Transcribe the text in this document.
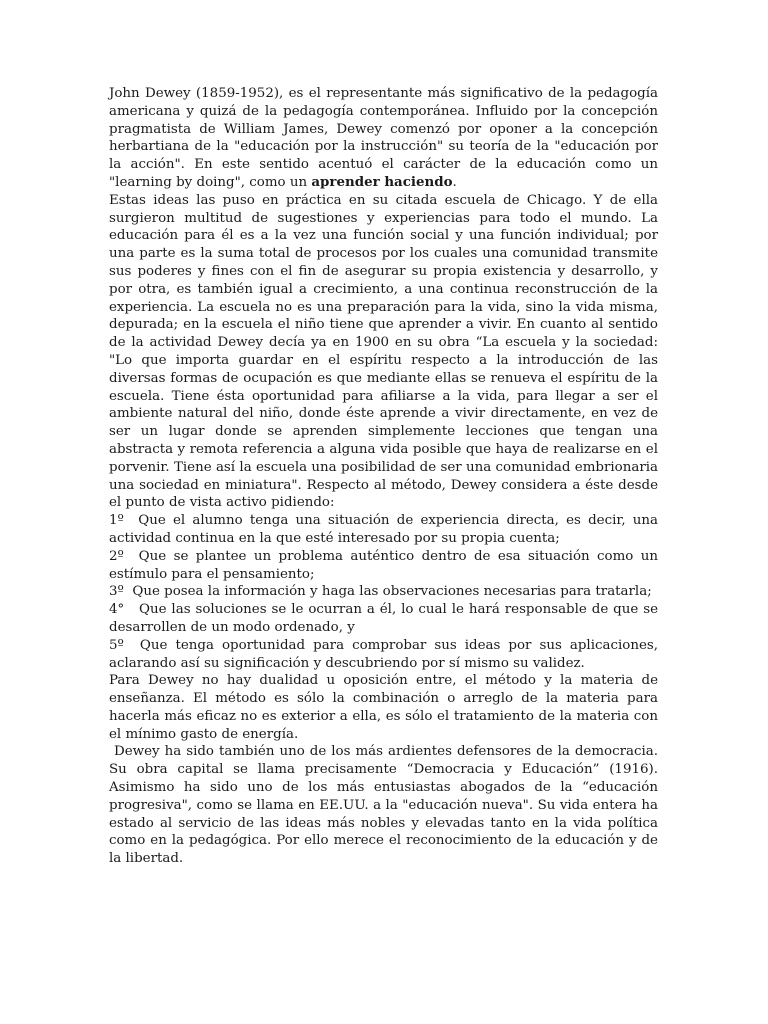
John Dewey (1859-1952), es el representante más significativo de la pedagogía americana y quizá de la pedagogía contemporánea. Influido por la concepción pragmatista de William James, Dewey comenzó por oponer a la concepción herbartiana de la "educación por la instrucción" su teoría de la "educación por la acción". En este sentido acentuó el carácter de la educación como un "learning by doing", como un aprender haciendo.

Estas ideas las puso en práctica en su citada escuela de Chicago. Y de ella surgieron multitud de sugestiones y experiencias para todo el mundo. La educación para él es a la vez una función social y una función individual; por una parte es la suma total de procesos por los cuales una comunidad transmite sus poderes y fines con el fin de asegurar su propia existencia y desarrollo, y por otra, es también igual a crecimiento, a una continua reconstrucción de la experiencia. La escuela no es una preparación para la vida, sino la vida misma, depurada; en la escuela el niño tiene que aprender a vivir. En cuanto al sentido de la actividad Dewey decía ya en 1900 en su obra “La escuela y la sociedad: "Lo que importa guardar en el espíritu respecto a la introducción de las diversas formas de ocupación es que mediante ellas se renueva el espíritu de la escuela. Tiene ésta oportunidad para afiliarse a la vida, para llegar a ser el ambiente natural del niño, donde éste aprende a vivir directamente, en vez de ser un lugar donde se aprenden simplemente lecciones que tengan una abstracta y remota referencia a alguna vida posible que haya de realizarse en el porvenir. Tiene así la escuela una posibilidad de ser una comunidad embrionaria una sociedad en miniatura". Respecto al método, Dewey considera a éste desde el punto de vista activo pidiendo:

1º Que el alumno tenga una situación de experiencia directa, es decir, una actividad continua en la que esté interesado por su propia cuenta;

2º Que se plantee un problema auténtico dentro de esa situación como un estímulo para el pensamiento;

3º Que posea la información y haga las observaciones necesarias para tratarla;

4° Que las soluciones se le ocurran a él, lo cual le hará responsable de que se desarrollen de un modo ordenado, y

5º Que tenga oportunidad para comprobar sus ideas por sus aplicaciones, aclarando así su significación y descubriendo por sí mismo su validez.

Para Dewey no hay dualidad u oposición entre, el método y la materia de enseñanza. El método es sólo la combinación o arreglo de la materia para hacerla más eficaz no es exterior a ella, es sólo el tratamiento de la materia con el mínimo gasto de energía.

Dewey ha sido también uno de los más ardientes defensores de la democracia. Su obra capital se llama precisamente “Democracia y Educación” (1916). Asimismo ha sido uno de los más entusiastas abogados de la “educación progresiva", como se llama en EE.UU. a la "educación nueva". Su vida entera ha estado al servicio de las ideas más nobles y elevadas tanto en la vida política como en la pedagógica. Por ello merece el reconocimiento de la educación y de la libertad.
